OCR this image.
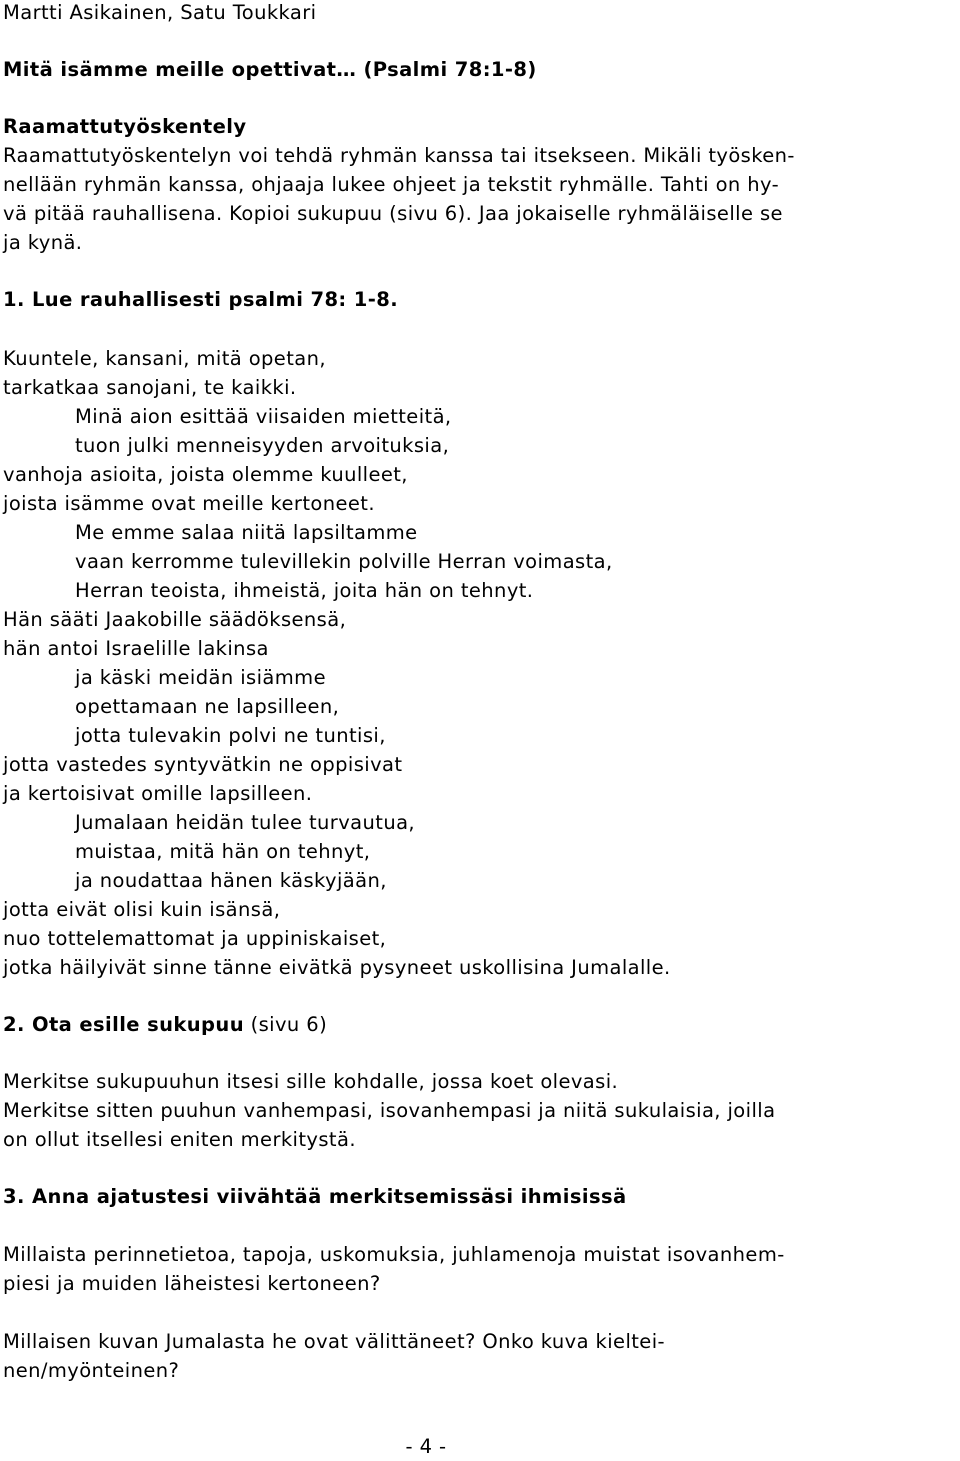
Martti Asikainen, Satu Toukkari
Mitä isämme meille opettivat… (Psalmi 78:1-8)
Raamattutyöskentely
Raamattutyöskentelyn voi tehdä ryhmän kanssa tai itsekseen. Mikäli työsken-
nellään ryhmän kanssa, ohjaaja lukee ohjeet ja tekstit ryhmälle. Tahti on hy-
vä pitää rauhallisena. Kopioi sukupuu (sivu 6). Jaa jokaiselle ryhmäläiselle se
ja kynä.
1. Lue rauhallisesti psalmi 78: 1-8.
Kuuntele, kansani, mitä opetan,
tarkatkaa sanojani, te kaikki.
Minä aion esittää viisaiden mietteitä,
tuon julki menneisyyden arvoituksia,
vanhoja asioita, joista olemme kuulleet,
joista isämme ovat meille kertoneet.
Me emme salaa niitä lapsiltamme
vaan kerromme tulevillekin polville Herran voimasta,
Herran teoista, ihmeistä, joita hän on tehnyt.
Hän sääti Jaakobille säädöksensä,
hän antoi Israelille lakinsa
ja käski meidän isiämme
opettamaan ne lapsilleen,
jotta tulevakin polvi ne tuntisi,
jotta vastedes syntyvätkin ne oppisivat
ja kertoisivat omille lapsilleen.
Jumalaan heidän tulee turvautua,
muistaa, mitä hän on tehnyt,
ja noudattaa hänen käskyjään,
jotta eivät olisi kuin isänsä,
nuo tottelemattomat ja uppiniskaiset,
jotka häilyivät sinne tänne eivätkä pysyneet uskollisina Jumalalle.
2. Ota esille sukupuu (sivu 6)
Merkitse sukupuuhun itsesi sille kohdalle, jossa koet olevasi.
Merkitse sitten puuhun vanhempasi, isovanhempasi ja niitä sukulaisia, joilla
on ollut itsellesi eniten merkitystä.
3. Anna ajatustesi viivähtää merkitsemissäsi ihmisissä
Millaista perinnetietoa, tapoja, uskomuksia, juhlamenoja muistat isovanhem-
piesi ja muiden läheistesi kertoneen?
Millaisen kuvan Jumalasta he ovat välittäneet? Onko kuva kieltei-
nen/myönteinen?
- 4 -
